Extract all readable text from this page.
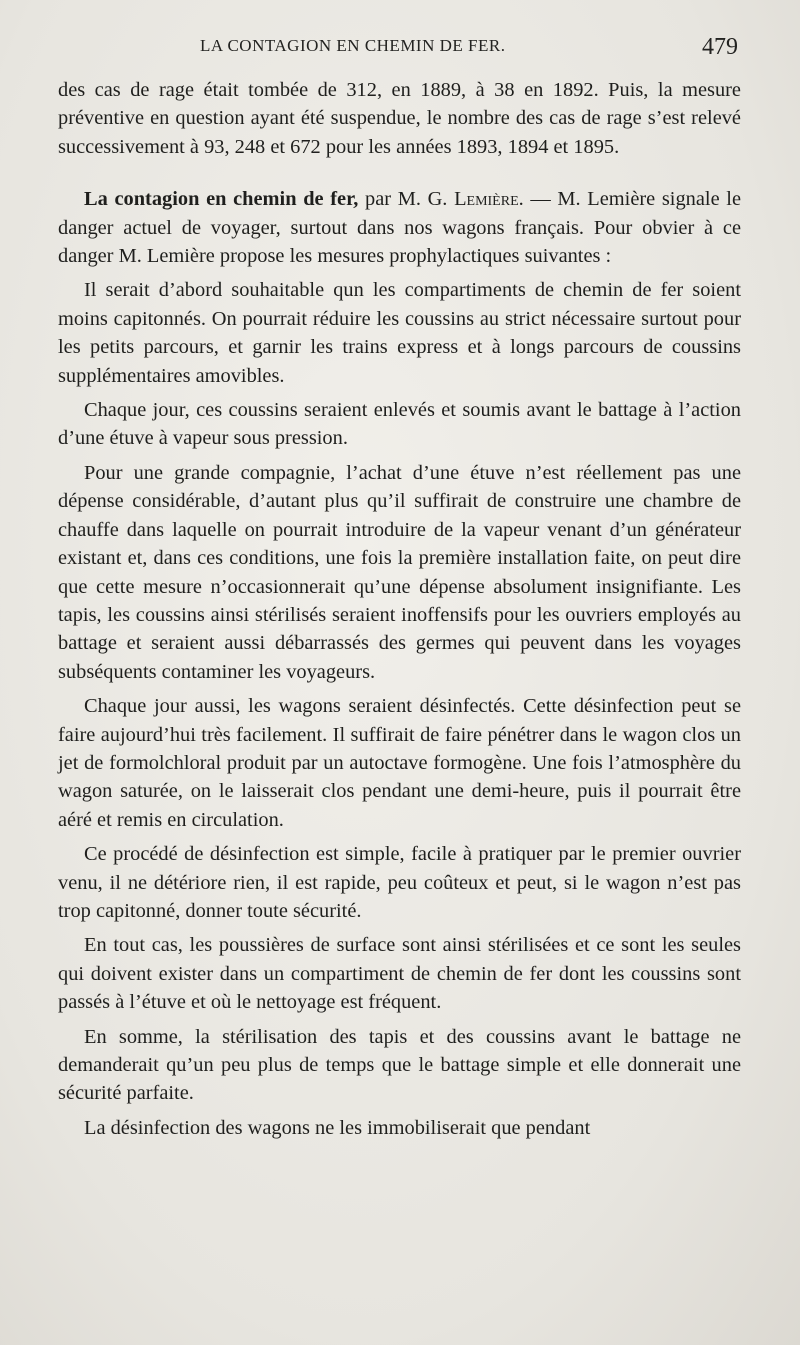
LA CONTAGION EN CHEMIN DE FER.	479

des cas de rage était tombée de 312, en 1889, à 38 en 1892. Puis, la mesure préventive en question ayant été suspendue, le nombre des cas de rage s’est relevé successivement à 93, 248 et 672 pour les années 1893, 1894 et 1895.

La contagion en chemin de fer, par M. G. Lemière. — M. Lemière signale le danger actuel de voyager, surtout dans nos wagons français. Pour obvier à ce danger M. Lemière propose les mesures prophylactiques suivantes :

Il serait d’abord souhaitable qun les compartiments de chemin de fer soient moins capitonnés. On pourrait réduire les coussins au strict nécessaire surtout pour les petits parcours, et garnir les trains express et à longs parcours de coussins supplémentaires amovibles.

Chaque jour, ces coussins seraient enlevés et soumis avant le battage à l’action d’une étuve à vapeur sous pression.

Pour une grande compagnie, l’achat d’une étuve n’est réellement pas une dépense considérable, d’autant plus qu’il suffirait de construire une chambre de chauffe dans laquelle on pourrait introduire de la vapeur venant d’un générateur existant et, dans ces conditions, une fois la première installation faite, on peut dire que cette mesure n’occasionnerait qu’une dépense absolument insignifiante. Les tapis, les coussins ainsi stérilisés seraient inoffensifs pour les ouvriers employés au battage et seraient aussi débarrassés des germes qui peuvent dans les voyages subséquents contaminer les voyageurs.

Chaque jour aussi, les wagons seraient désinfectés. Cette désinfection peut se faire aujourd’hui très facilement. Il suffirait de faire pénétrer dans le wagon clos un jet de formolchloral produit par un autoctave formogène. Une fois l’atmosphère du wagon saturée, on le laisserait clos pendant une demi-heure, puis il pourrait être aéré et remis en circulation.

Ce procédé de désinfection est simple, facile à pratiquer par le premier ouvrier venu, il ne détériore rien, il est rapide, peu coûteux et peut, si le wagon n’est pas trop capitonné, donner toute sécurité.

En tout cas, les poussières de surface sont ainsi stérilisées et ce sont les seules qui doivent exister dans un compartiment de chemin de fer dont les coussins sont passés à l’étuve et où le nettoyage est fréquent.

En somme, la stérilisation des tapis et des coussins avant le battage ne demanderait qu’un peu plus de temps que le battage simple et elle donnerait une sécurité parfaite.

La désinfection des wagons ne les immobiliserait que pendant
